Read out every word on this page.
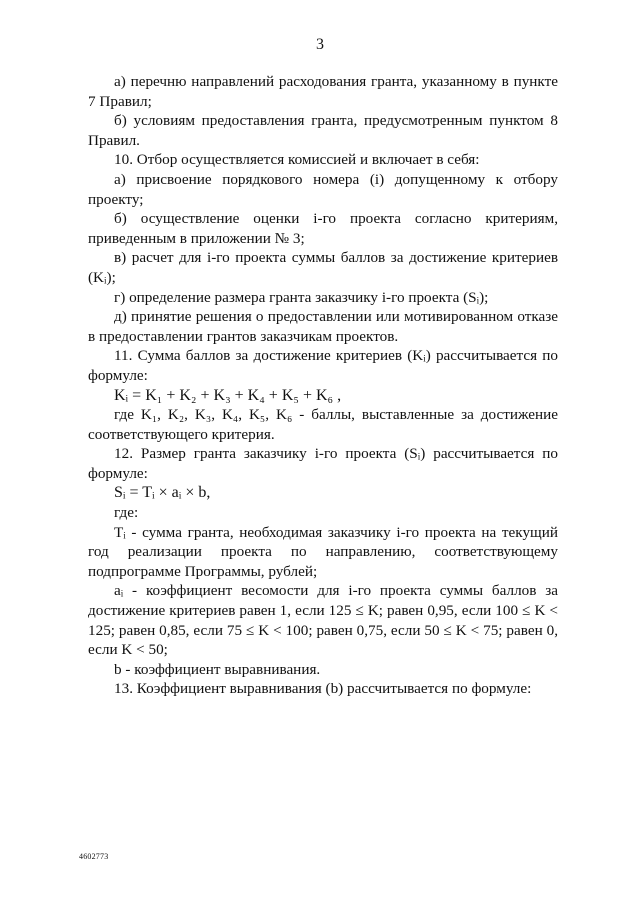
3

а) перечню направлений расходования гранта, указанному в пункте 7 Правил;

б) условиям предоставления гранта, предусмотренным пунктом 8 Правил.

10. Отбор осуществляется комиссией и включает в себя:

а) присвоение порядкового номера (i) допущенному к отбору проекту;

б) осуществление оценки i-го проекта согласно критериям, приведенным в приложении № 3;

в) расчет для i-го проекта суммы баллов за достижение критериев (Kᵢ);

г) определение размера гранта заказчику i-го проекта (Sᵢ);

д) принятие решения о предоставлении или мотивированном отказе в предоставлении грантов заказчикам проектов.

11. Сумма баллов за достижение критериев (Kᵢ) рассчитывается по формуле:

Kᵢ = K₁ + K₂ + K₃ + K₄ + K₅ + K₆ ,

где K₁, K₂, K₃, K₄, K₅, K₆ - баллы, выставленные за достижение соответствующего критерия.

12. Размер гранта заказчику i-го проекта (Sᵢ) рассчитывается по формуле:

Sᵢ = Tᵢ × aᵢ × b,

где:

Tᵢ - сумма гранта, необходимая заказчику i-го проекта на текущий год реализации проекта по направлению, соответствующему подпрограмме Программы, рублей;

aᵢ - коэффициент весомости для i-го проекта суммы баллов за достижение критериев равен 1, если 125 ≤ K; равен 0,95, если 100 ≤ K < 125; равен 0,85, если 75 ≤ K < 100; равен 0,75, если 50 ≤ K < 75; равен 0, если K < 50;

b - коэффициент выравнивания.

13. Коэффициент выравнивания (b) рассчитывается по формуле:

4602773
